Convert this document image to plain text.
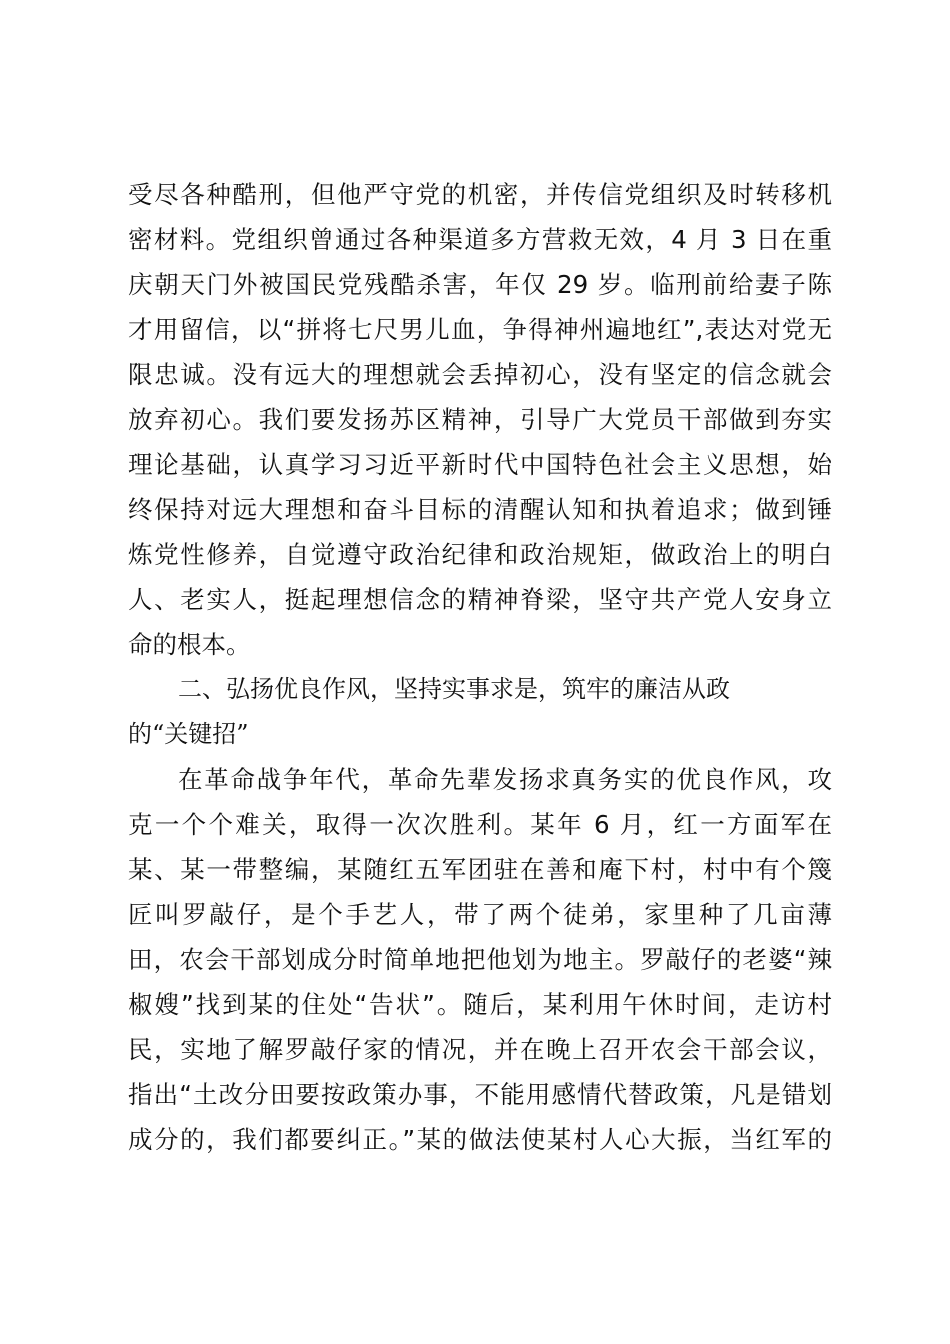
受尽各种酷刑，但他严守党的机密，并传信党组织及时转移机
密材料。党组织曾通过各种渠道多方营救无效，4 月 3 日在重
庆朝天门外被国民党残酷杀害，年仅 29 岁。临刑前给妻子陈
才用留信，以“拼将七尺男儿血，争得神州遍地红”,表达对党无
限忠诚。没有远大的理想就会丢掉初心，没有坚定的信念就会
放弃初心。我们要发扬苏区精神，引导广大党员干部做到夯实
理论基础，认真学习习近平新时代中国特色社会主义思想，始
终保持对远大理想和奋斗目标的清醒认知和执着追求；做到锤
炼党性修养，自觉遵守政治纪律和政治规矩，做政治上的明白
人、老实人，挺起理想信念的精神脊梁，坚守共产党人安身立
命的根本。
二、弘扬优良作风，坚持实事求是，筑牢的廉洁从政
的“关键招”
在革命战争年代，革命先辈发扬求真务实的优良作风，攻
克一个个难关，取得一次次胜利。某年 6 月，红一方面军在
某、某一带整编，某随红五军团驻在善和庵下村，村中有个篾
匠叫罗敲仔，是个手艺人，带了两个徒弟，家里种了几亩薄
田，农会干部划成分时简单地把他划为地主。罗敲仔的老婆“辣
椒嫂”找到某的住处“告状”。随后，某利用午休时间，走访村
民，实地了解罗敲仔家的情况，并在晚上召开农会干部会议，
指出“土改分田要按政策办事，不能用感情代替政策，凡是错划
成分的，我们都要纠正。”某的做法使某村人心大振，当红军的
